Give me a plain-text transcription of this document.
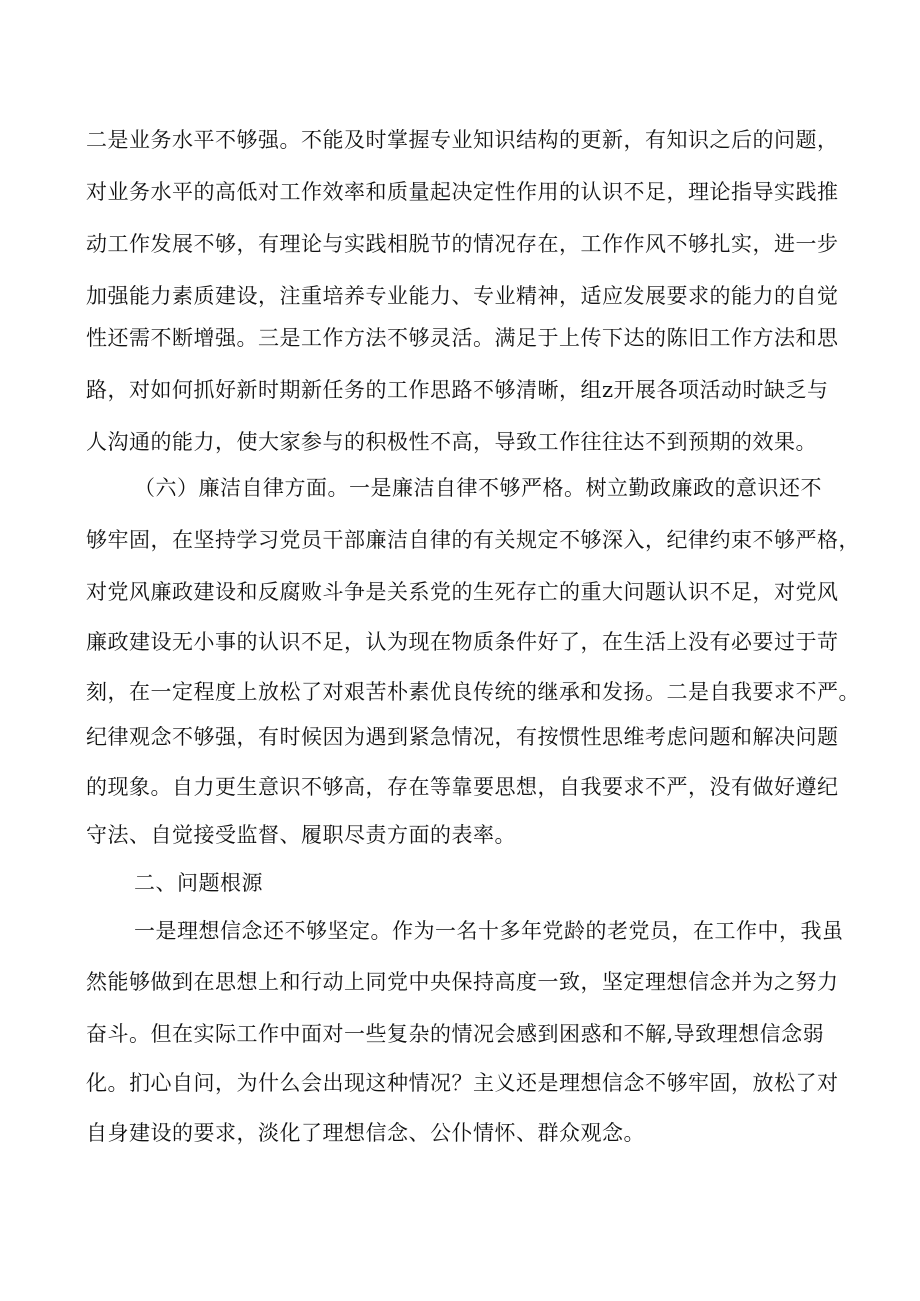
二是业务水平不够强。不能及时掌握专业知识结构的更新，有知识之后的问题，
对业务水平的高低对工作效率和质量起决定性作用的认识不足，理论指导实践推
动工作发展不够，有理论与实践相脱节的情况存在，工作作风不够扎实，进一步
加强能力素质建设，注重培养专业能力、专业精神，适应发展要求的能力的自觉
性还需不断增强。三是工作方法不够灵活。满足于上传下达的陈旧工作方法和思
路，对如何抓好新时期新任务的工作思路不够清晰，组z开展各项活动时缺乏与
人沟通的能力，使大家参与的积极性不高，导致工作往往达不到预期的效果。
（六）廉洁自律方面。一是廉洁自律不够严格。树立勤政廉政的意识还不
够牢固，在坚持学习党员干部廉洁自律的有关规定不够深入，纪律约束不够严格，
对党风廉政建设和反腐败斗争是关系党的生死存亡的重大问题认识不足，对党风
廉政建设无小事的认识不足，认为现在物质条件好了，在生活上没有必要过于苛
刻，在一定程度上放松了对艰苦朴素优良传统的继承和发扬。二是自我要求不严。
纪律观念不够强，有时候因为遇到紧急情况，有按惯性思维考虑问题和解决问题
的现象。自力更生意识不够高，存在等靠要思想，自我要求不严，没有做好遵纪
守法、自觉接受监督、履职尽责方面的表率。
二、问题根源
一是理想信念还不够坚定。作为一名十多年党龄的老党员，在工作中，我虽
然能够做到在思想上和行动上同党中央保持高度一致，坚定理想信念并为之努力
奋斗。但在实际工作中面对一些复杂的情况会感到困惑和不解,导致理想信念弱
化。扪心自问，为什么会出现这种情况？主义还是理想信念不够牢固，放松了对
自身建设的要求，淡化了理想信念、公仆情怀、群众观念。
